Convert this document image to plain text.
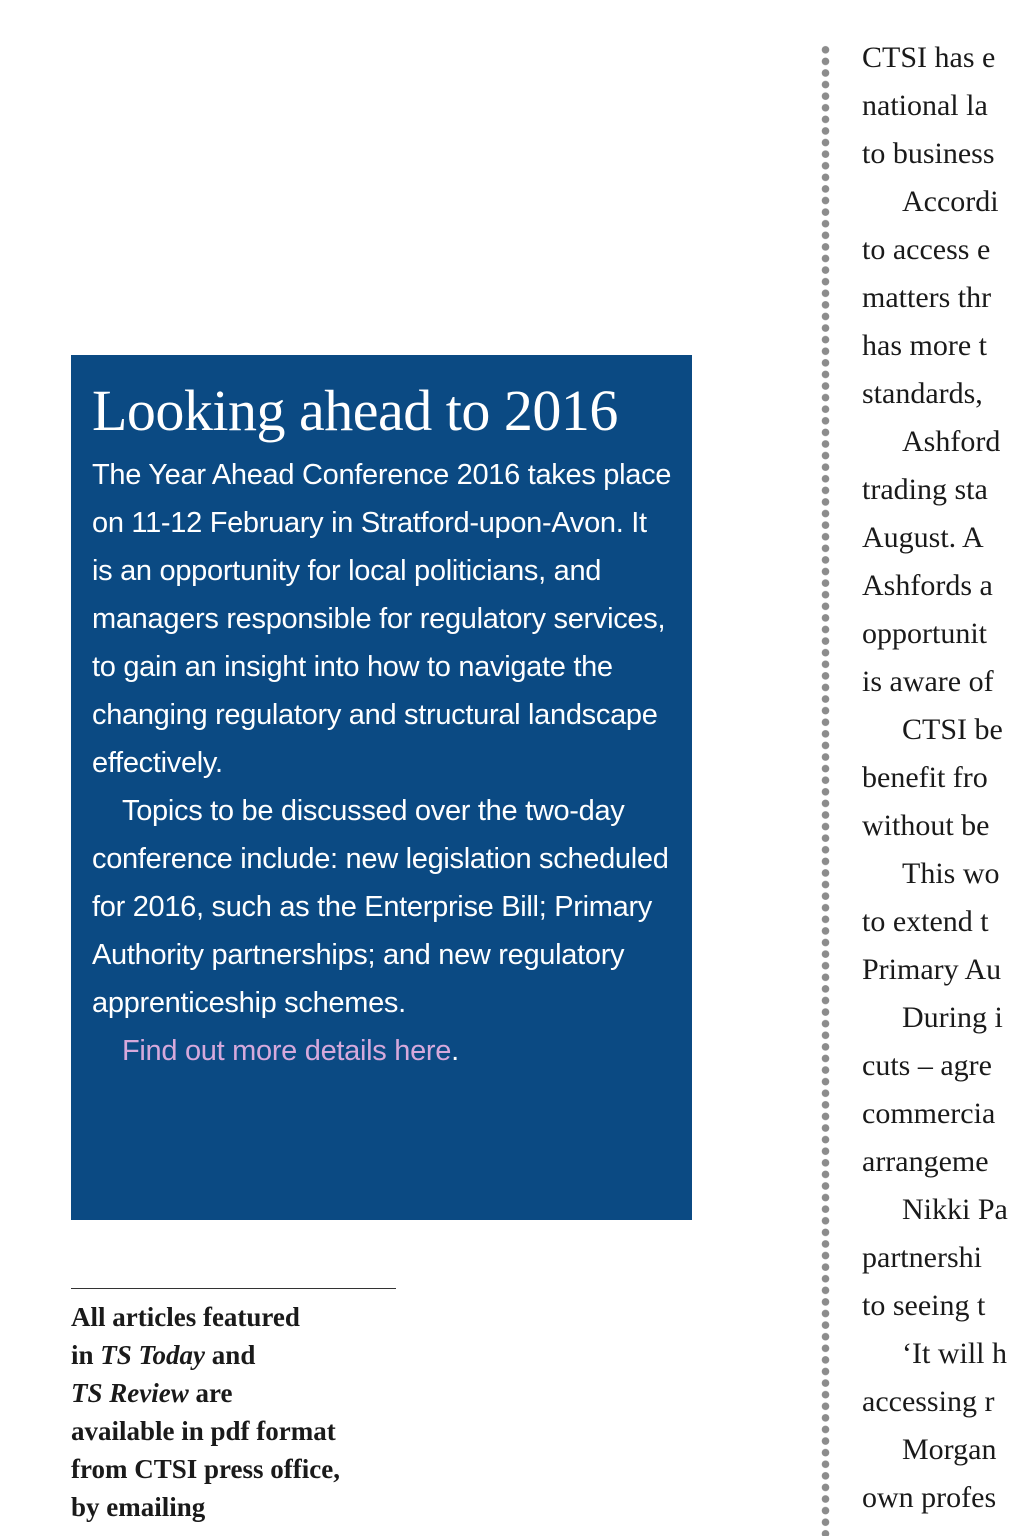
Looking ahead to 2016

The Year Ahead Conference 2016 takes place on 11-12 February in Stratford-upon-Avon. It is an opportunity for local politicians, and managers responsible for regulatory services, to gain an insight into how to navigate the changing regulatory and structural landscape effectively.

Topics to be discussed over the two-day conference include: new legislation scheduled for 2016, such as the Enterprise Bill; Primary Authority partnerships; and new regulatory apprenticeship schemes.

Find out more details here.

All articles featured
in TS Today and
TS Review are
available in pdf format
from CTSI press office,
by emailing
CTSI has e
national la
to business
Accordi
to access e
matters thr
has more t
standards,
Ashford
trading sta
August. A
Ashfords a
opportunit
is aware of
CTSI be
benefit fro
without be
This wo
to extend t
Primary Au
During i
cuts – agre
commercia
arrangeme
Nikki Pa
partnershi
to seeing t
‘It will h
accessing r
Morgan
own profes
